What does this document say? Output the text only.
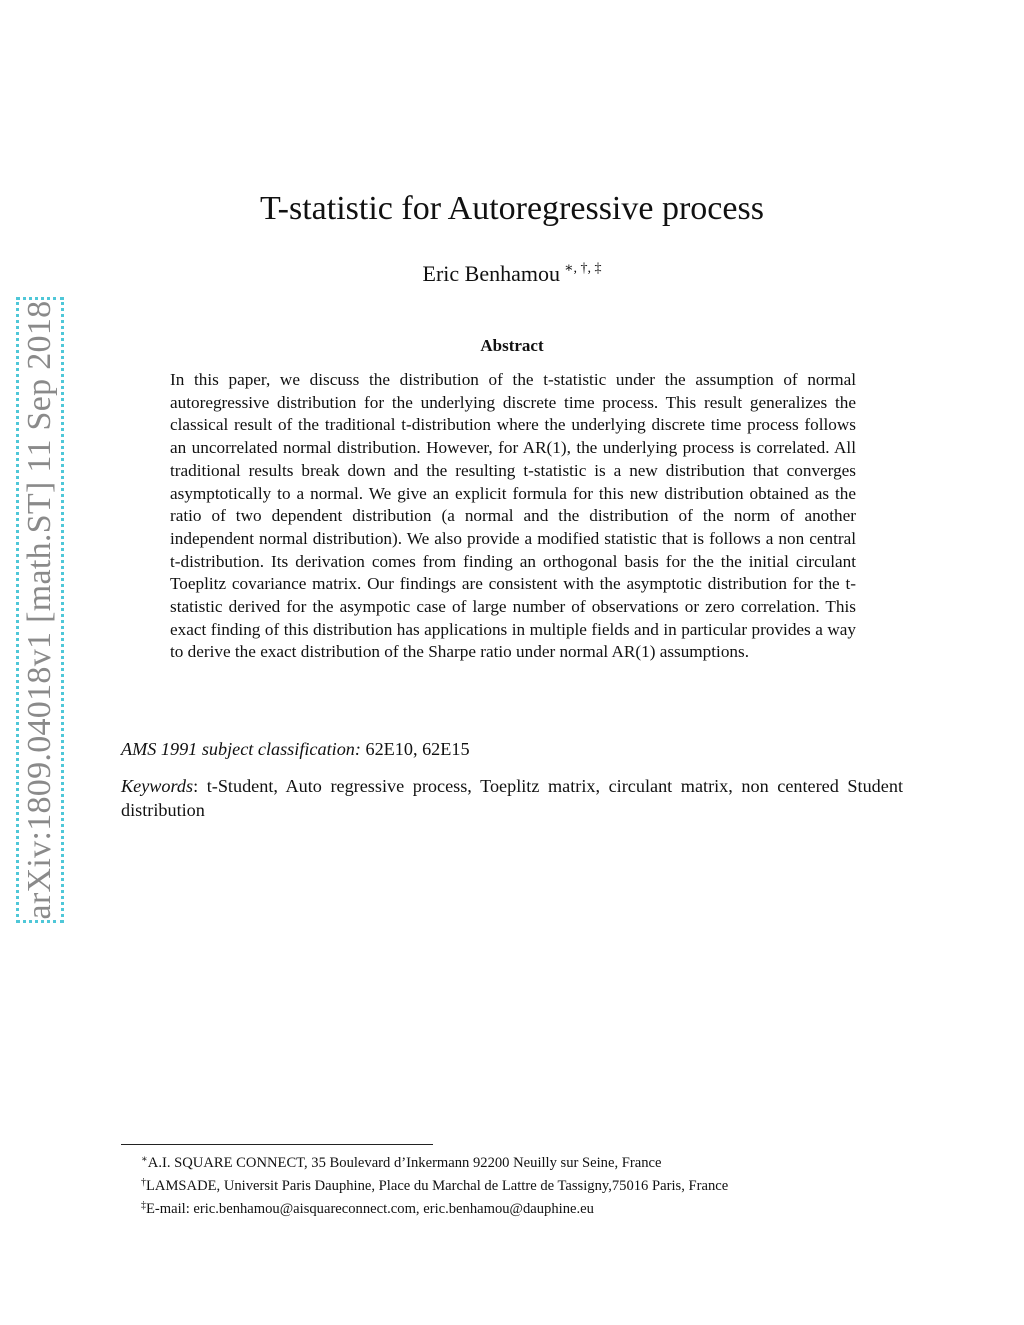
arXiv:1809.04018v1 [math.ST] 11 Sep 2018
T-statistic for Autoregressive process
Eric Benhamou ∗, †, ‡
Abstract
In this paper, we discuss the distribution of the t-statistic under the assumption of normal autoregressive distribution for the underlying discrete time process. This result generalizes the classical result of the traditional t-distribution where the underlying discrete time process follows an uncorrelated normal distribution. However, for AR(1), the underlying process is correlated. All traditional results break down and the resulting t-statistic is a new distribution that converges asymptotically to a normal. We give an explicit formula for this new distribution obtained as the ratio of two dependent distribution (a normal and the distribution of the norm of another independent normal distribution). We also provide a modified statistic that is follows a non central t-distribution. Its derivation comes from finding an orthogonal basis for the the initial circulant Toeplitz covariance matrix. Our findings are consistent with the asymptotic distribution for the t-statistic derived for the asympotic case of large number of observations or zero correlation. This exact finding of this distribution has applications in multiple fields and in particular provides a way to derive the exact distribution of the Sharpe ratio under normal AR(1) assumptions.
AMS 1991 subject classification: 62E10, 62E15
Keywords: t-Student, Auto regressive process, Toeplitz matrix, circulant matrix, non centered Student distribution
∗A.I. SQUARE CONNECT, 35 Boulevard d’Inkermann 92200 Neuilly sur Seine, France
†LAMSADE, Universit Paris Dauphine, Place du Marchal de Lattre de Tassigny,75016 Paris, France
‡E-mail: eric.benhamou@aisquareconnect.com, eric.benhamou@dauphine.eu
